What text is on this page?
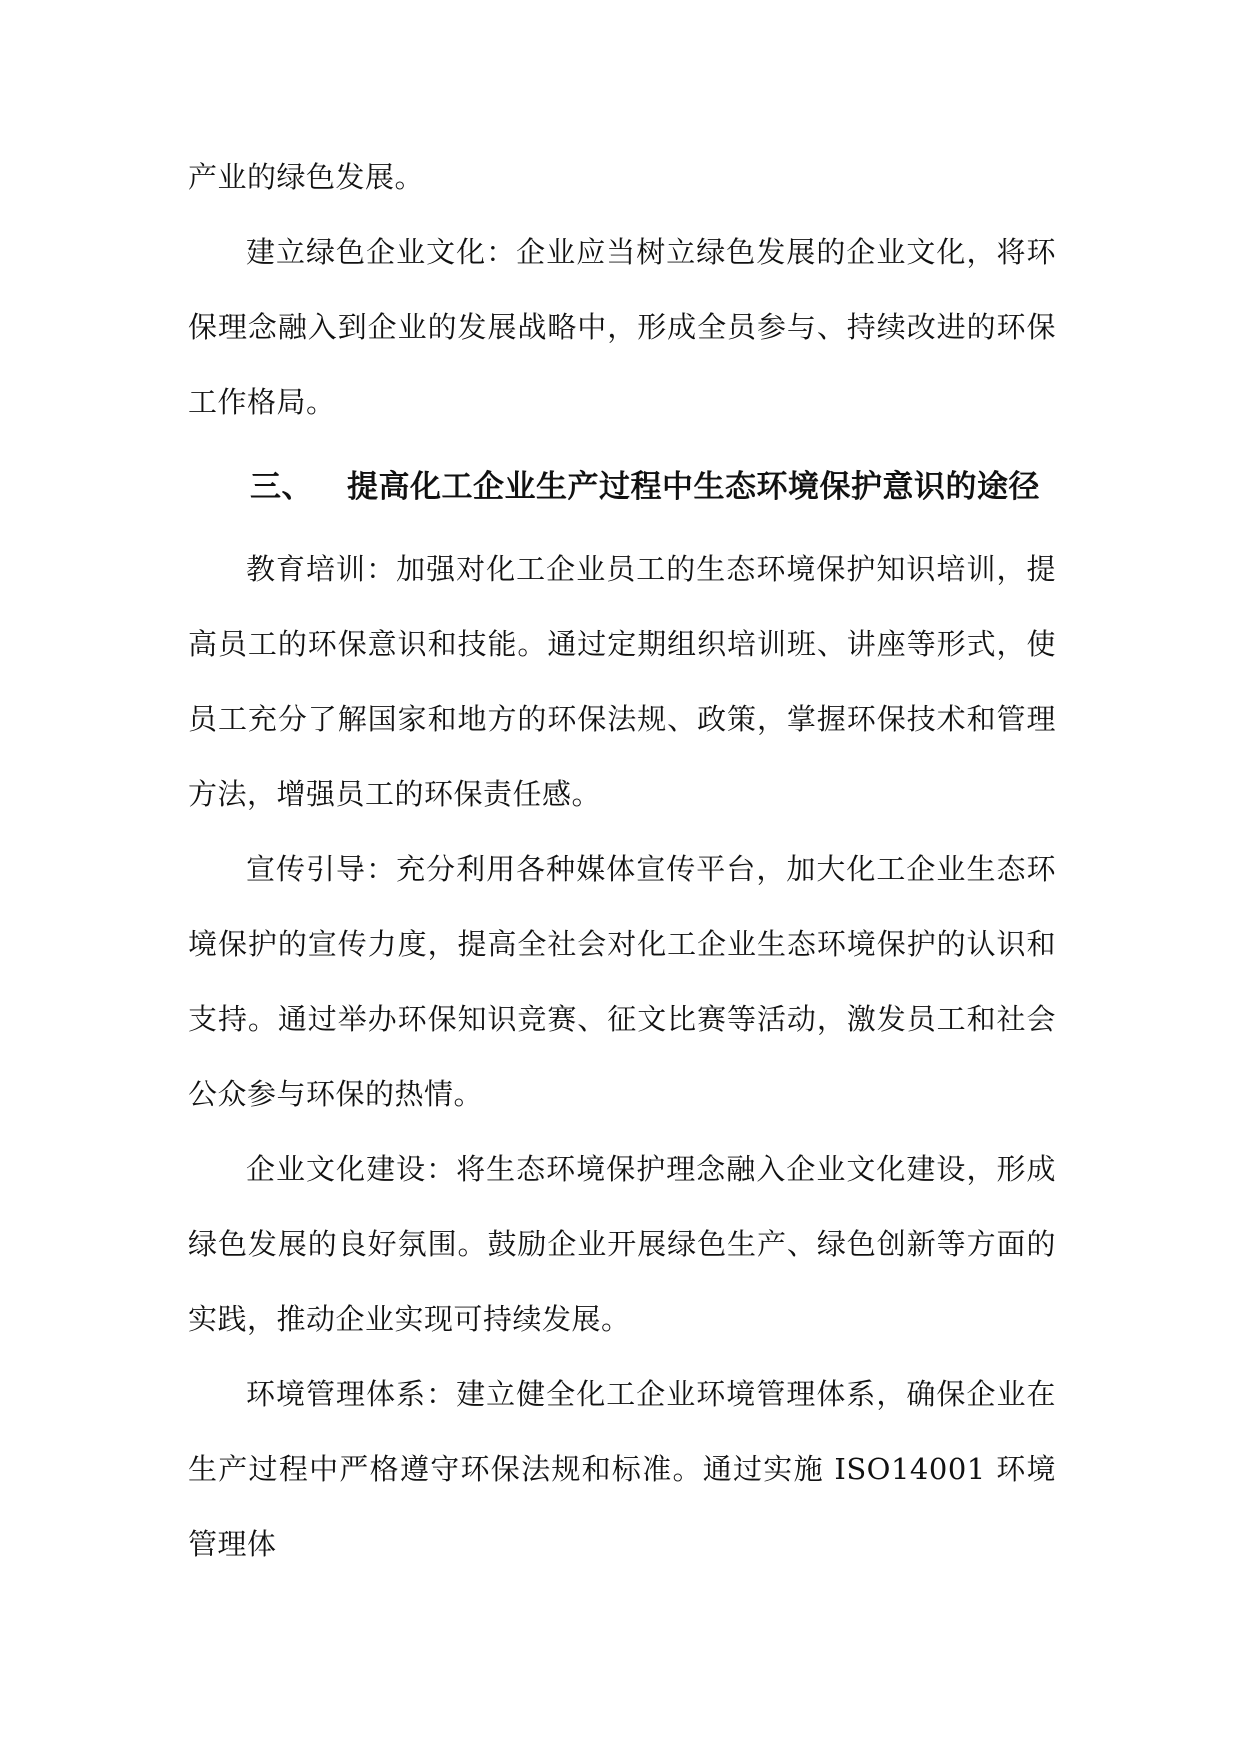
产业的绿色发展。

建立绿色企业文化：企业应当树立绿色发展的企业文化，将环保理念融入到企业的发展战略中，形成全员参与、持续改进的环保工作格局。

三、 提高化工企业生产过程中生态环境保护意识的途径

教育培训：加强对化工企业员工的生态环境保护知识培训，提高员工的环保意识和技能。通过定期组织培训班、讲座等形式，使员工充分了解国家和地方的环保法规、政策，掌握环保技术和管理方法，增强员工的环保责任感。

宣传引导：充分利用各种媒体宣传平台，加大化工企业生态环境保护的宣传力度，提高全社会对化工企业生态环境保护的认识和支持。通过举办环保知识竞赛、征文比赛等活动，激发员工和社会公众参与环保的热情。

企业文化建设：将生态环境保护理念融入企业文化建设，形成绿色发展的良好氛围。鼓励企业开展绿色生产、绿色创新等方面的实践，推动企业实现可持续发展。

环境管理体系：建立健全化工企业环境管理体系，确保企业在生产过程中严格遵守环保法规和标准。通过实施 ISO14001 环境管理体
